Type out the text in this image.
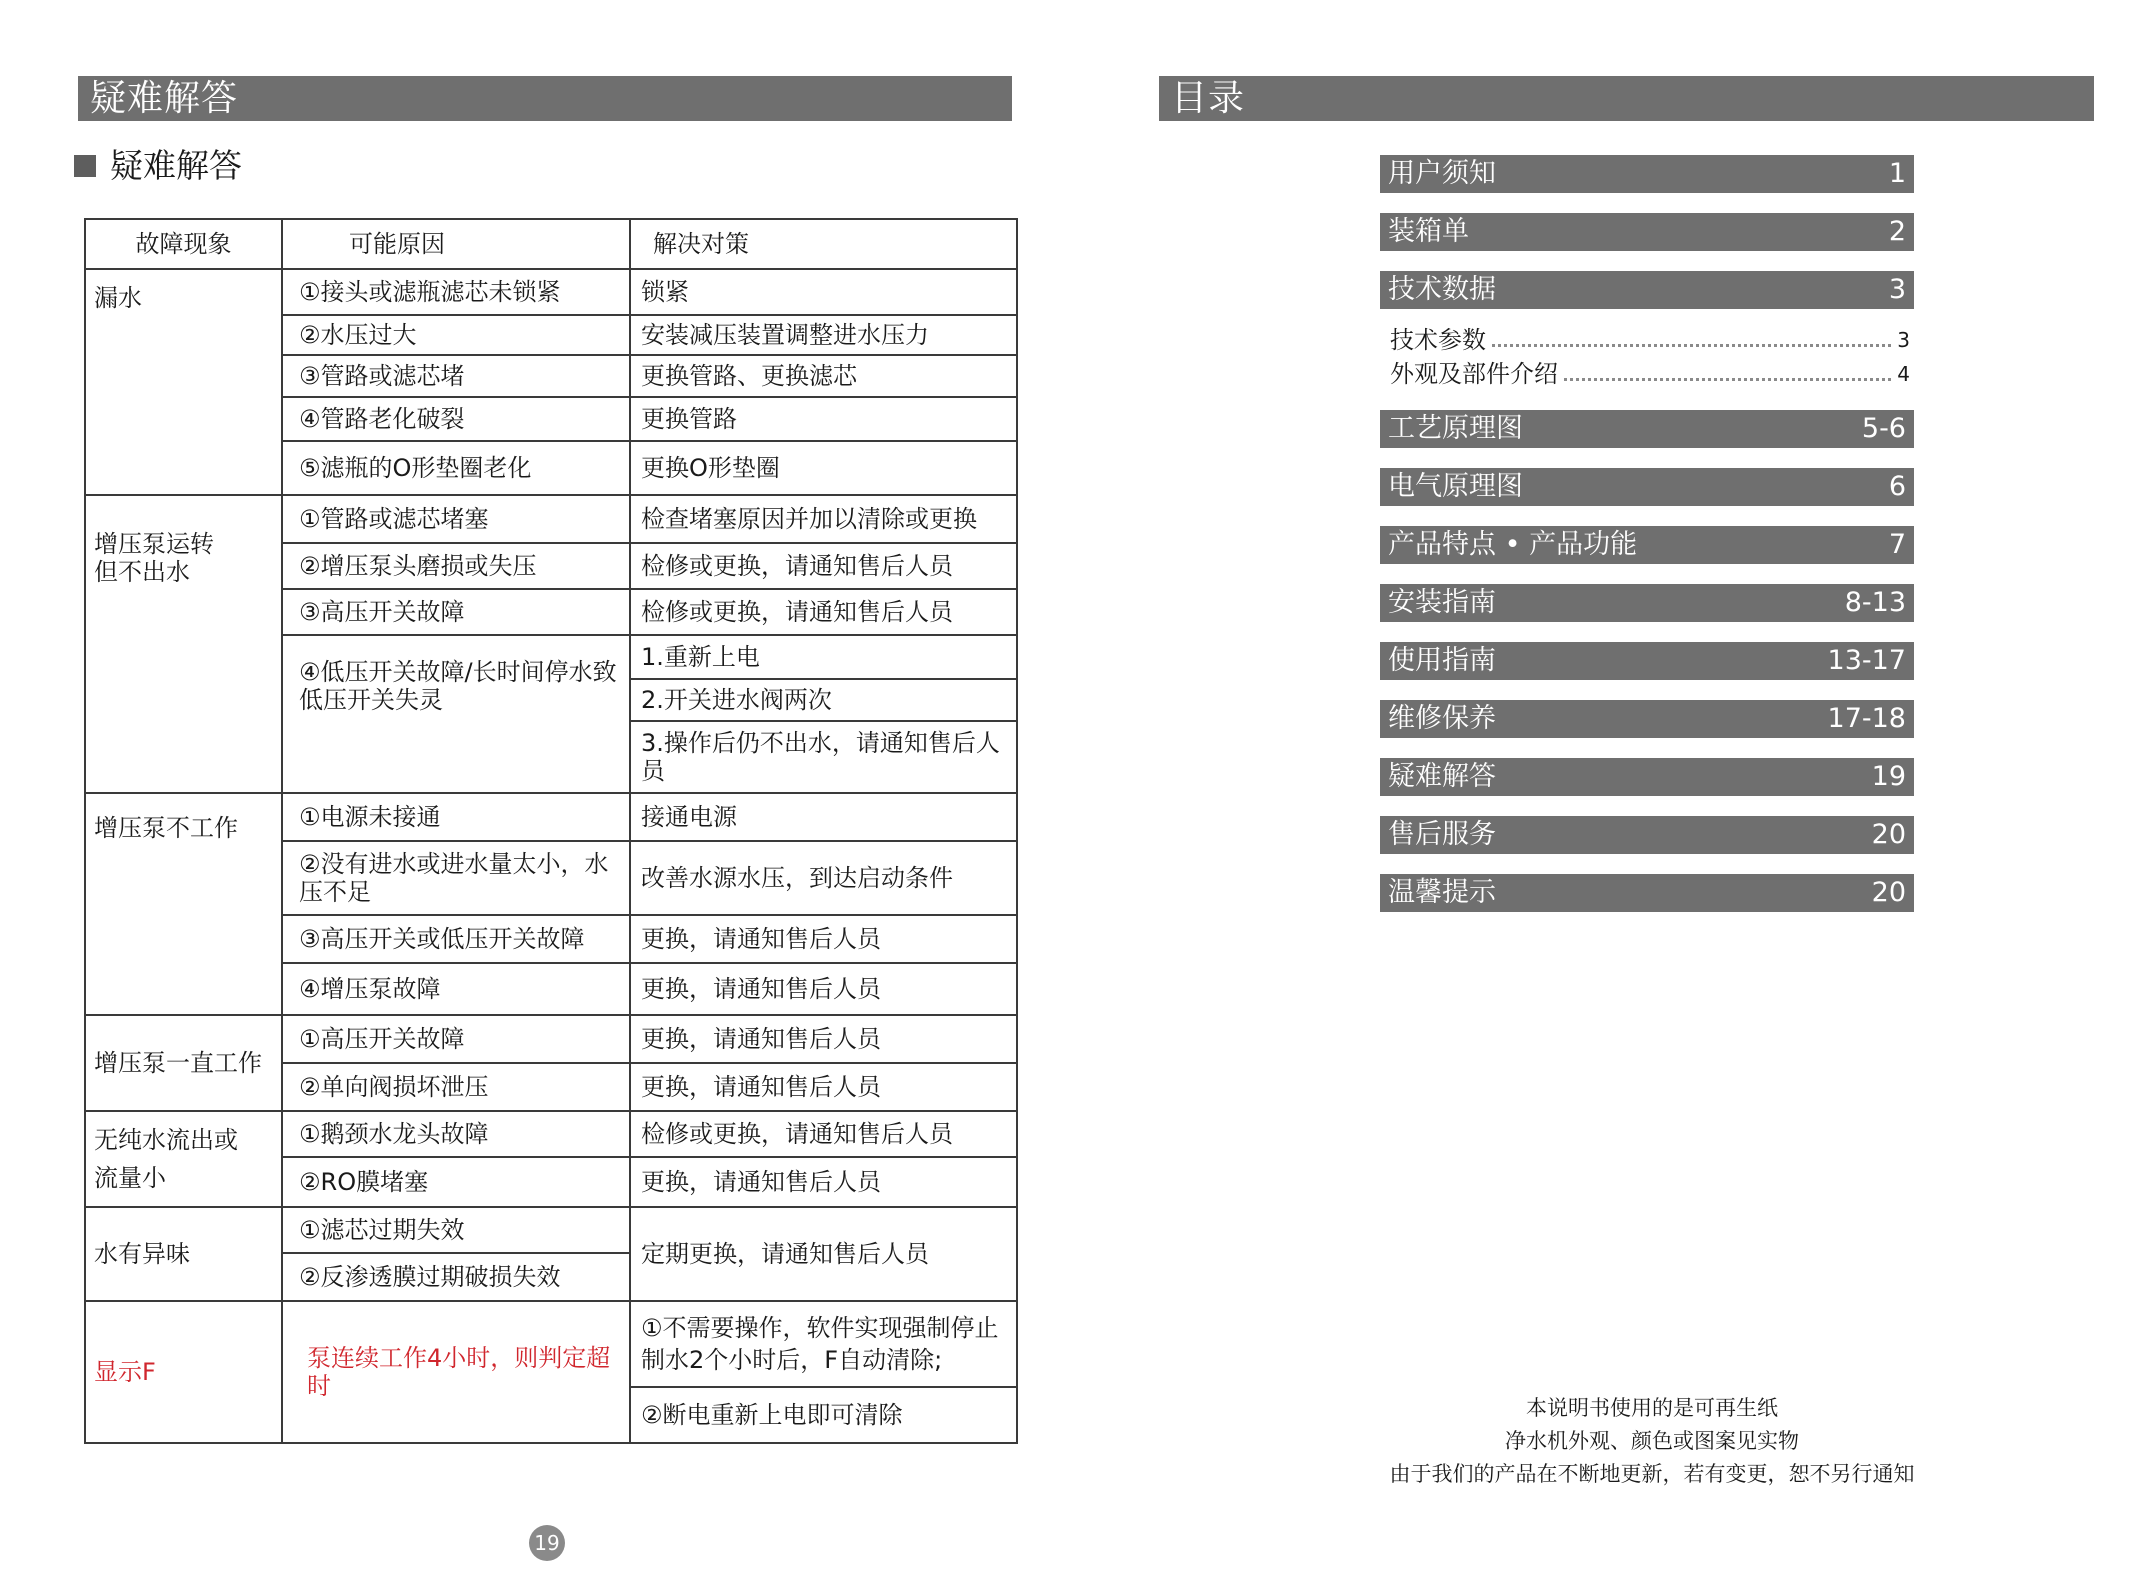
疑难解答
疑难解答
故障现象	可能原因	解决对策
漏水	①接头或滤瓶滤芯未锁紧	锁紧
	②水压过大	安装减压装置调整进水压力
	③管路或滤芯堵	更换管路、更换滤芯
	④管路老化破裂	更换管路
	⑤滤瓶的O形垫圈老化	更换O形垫圈
增压泵运转
但不出水	①管路或滤芯堵塞	检查堵塞原因并加以清除或更换
	②增压泵头磨损或失压	检修或更换，请通知售后人员
	③高压开关故障	检修或更换，请通知售后人员
	④低压开关故障/长时间停水致低压开关失灵	1.重新上电
		2.开关进水阀两次
		3.操作后仍不出水，请通知售后人员
增压泵不工作	①电源未接通	接通电源
	②没有进水或进水量太小，水压不足	改善水源水压，到达启动条件
	③高压开关或低压开关故障	更换，请通知售后人员
	④增压泵故障	更换，请通知售后人员
增压泵一直工作	①高压开关故障	更换，请通知售后人员
	②单向阀损坏泄压	更换，请通知售后人员
无纯水流出或
流量小	①鹅颈水龙头故障	检修或更换，请通知售后人员
	②RO膜堵塞	更换，请通知售后人员
水有异味	①滤芯过期失效	定期更换，请通知售后人员
	②反渗透膜过期破损失效	
显示F	泵连续工作4小时，则判定超时	①不需要操作，软件实现强制停止制水2个小时后，F自动清除;
		②断电重新上电即可清除
19
目录
用户须知	1
装箱单	2
技术数据	3
技术参数	3
外观及部件介绍	4
工艺原理图	5-6
电气原理图	6
产品特点 • 产品功能	7
安装指南	8-13
使用指南	13-17
维修保养	17-18
疑难解答	19
售后服务	20
温馨提示	20
本说明书使用的是可再生纸
净水机外观、颜色或图案见实物
由于我们的产品在不断地更新，若有变更，恕不另行通知
